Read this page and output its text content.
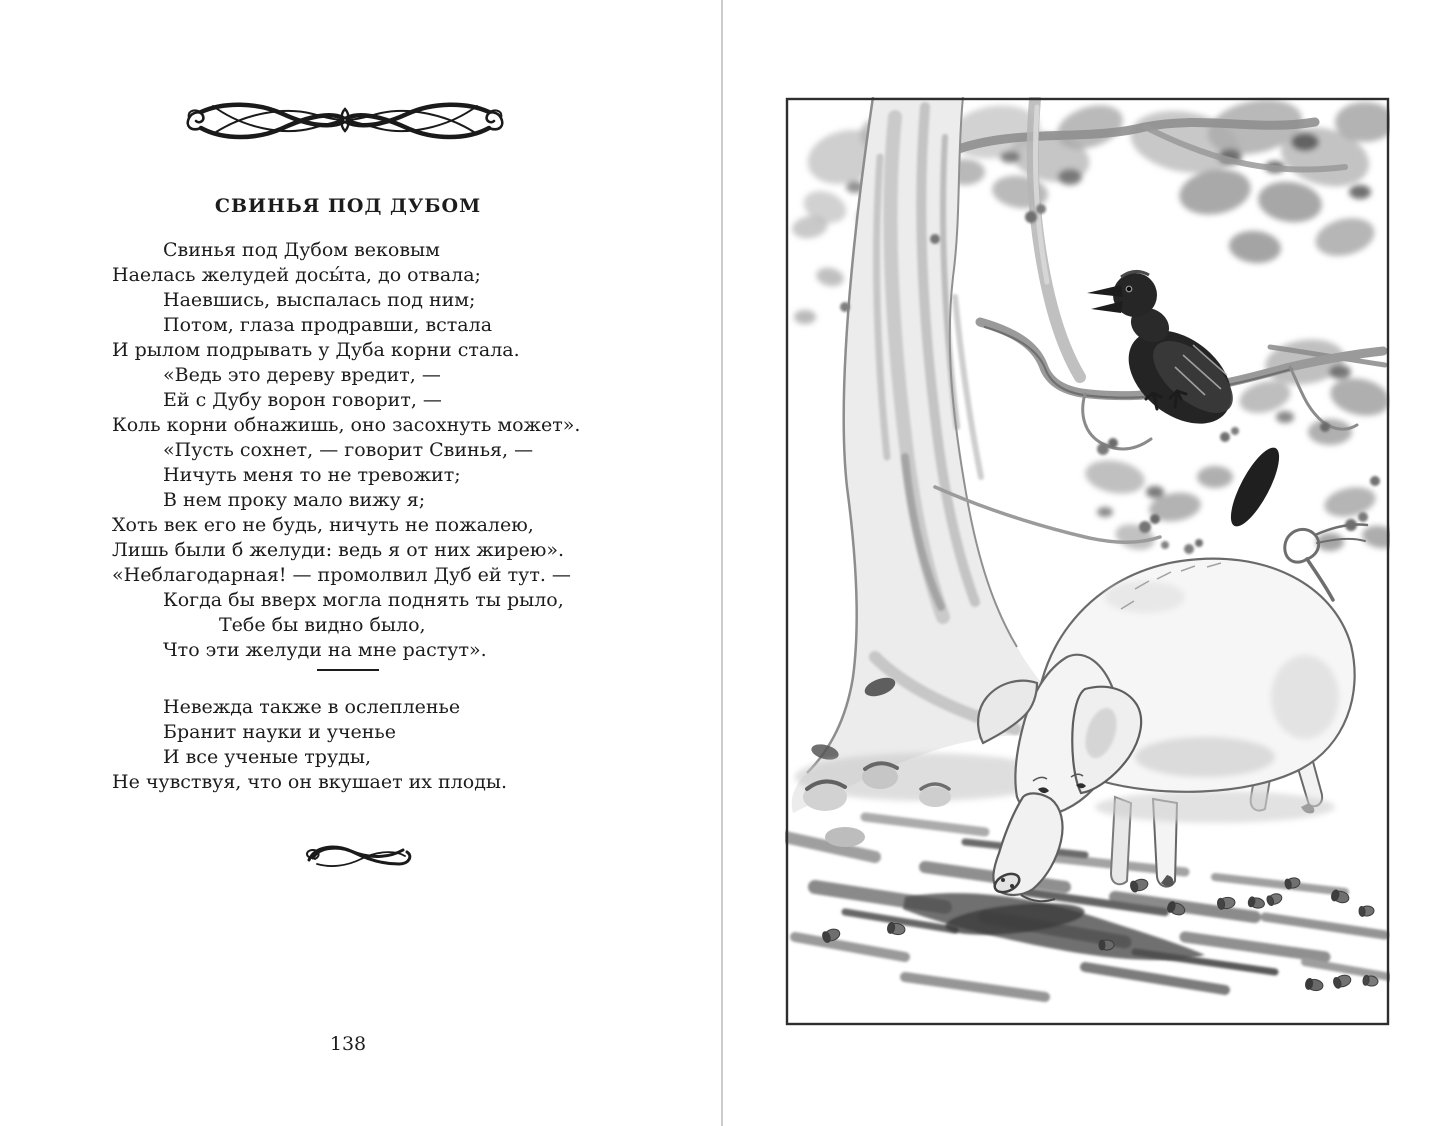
СВИНЬЯ ПОД ДУБОМ
Свинья под Дубом вековым
Наелась желудей досы́та, до отвала;
Наевшись, выспалась под ним;
Потом, глаза продравши, встала
И рылом подрывать у Дуба корни стала.
«Ведь это дереву вредит, —
Ей с Дубу ворон говорит, —
Коль корни обнажишь, оно засохнуть может».
«Пусть сохнет, — говорит Свинья, —
Ничуть меня то не тревожит;
В нем проку мало вижу я;
Хоть век его не будь, ничуть не пожалею,
Лишь были б желуди: ведь я от них жирею».
«Неблагодарная! — промолвил Дуб ей тут. —
Когда бы вверх могла поднять ты рыло,
Тебе бы видно было,
Что эти желуди на мне растут».
Невежда также в ослепленье
Бранит науки и ученье
И все ученые труды,
Не чувствуя, что он вкушает их плоды.
138
